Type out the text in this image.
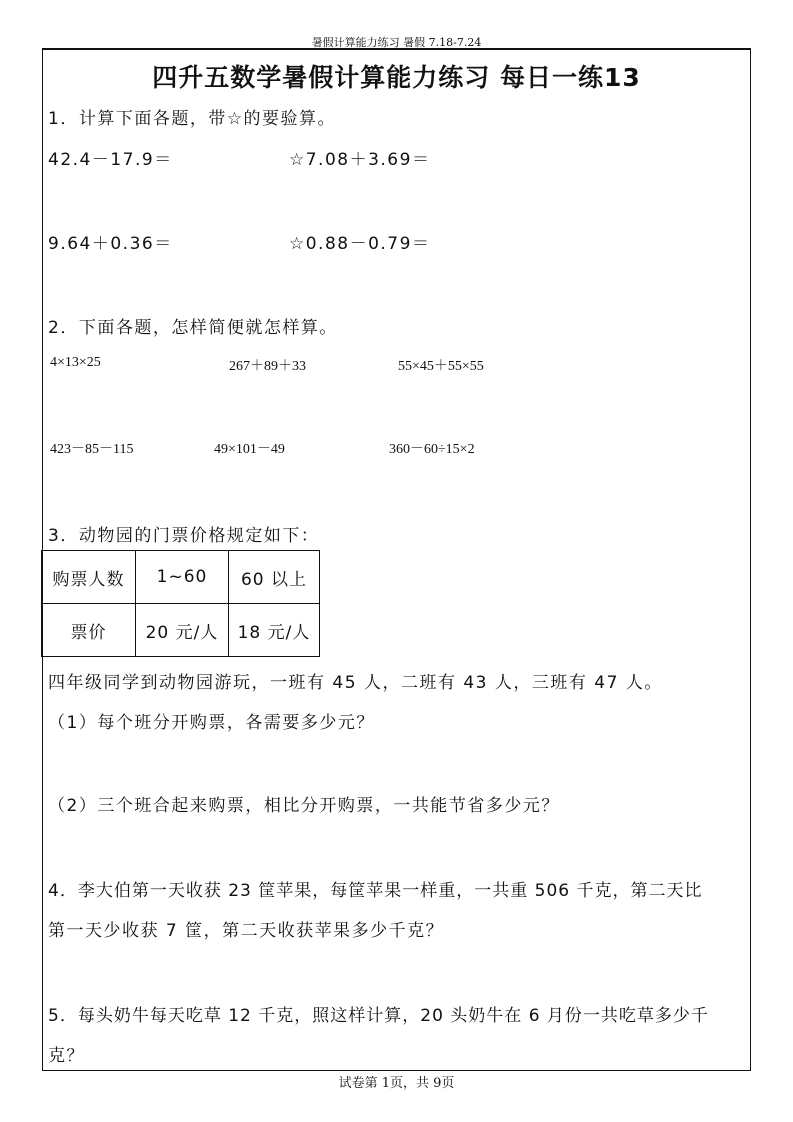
暑假计算能力练习 暑假 7.18-7.24
四升五数学暑假计算能力练习 每日一练13
1．计算下面各题，带☆的要验算。
42.4－17.9＝	☆7.08＋3.69＝
9.64＋0.36＝	☆0.88－0.79＝
2．下面各题，怎样简便就怎样算。
4×13×25	267＋89＋33	55×45＋55×55
423－85－115	49×101－49	360－60÷15×2
3．动物园的门票价格规定如下：
购票人数	1~60	60 以上
票价	20 元/人	18 元/人
四年级同学到动物园游玩，一班有 45 人，二班有 43 人，三班有 47 人。
（1）每个班分开购票，各需要多少元？
（2）三个班合起来购票，相比分开购票，一共能节省多少元？
4．李大伯第一天收获 23 筐苹果，每筐苹果一样重，一共重 506 千克，第二天比
第一天少收获 7 筐，第二天收获苹果多少千克？
5．每头奶牛每天吃草 12 千克，照这样计算，20 头奶牛在 6 月份一共吃草多少千
克？
试卷第 1页，共 9页
